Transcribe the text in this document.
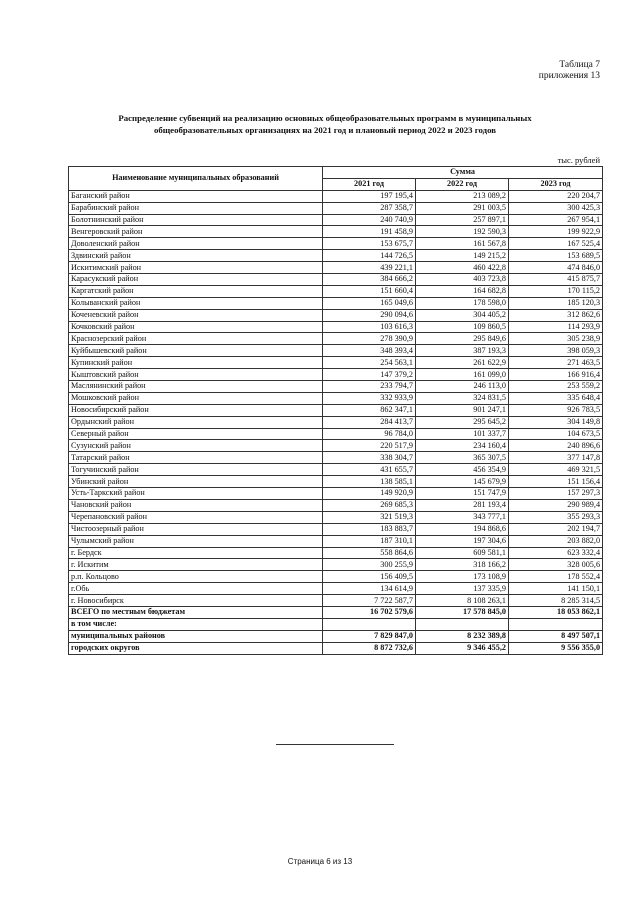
Таблица 7
приложения 13
Распределение субвенций на реализацию основных общеобразовательных программ в муниципальных
общеобразовательных организациях на 2021 год и плановый период 2022 и 2023 годов
тыс. рублей
Наименование муниципальных образований	Сумма		
	2021 год	2022 год	2023 год
Баганский район	197 195,4	213 089,2	220 204,7
Барабинский район	287 358,7	291 003,5	300 425,3
Болотнинский район	240 740,9	257 897,1	267 954,1
Венгеровский район	191 458,9	192 590,3	199 922,9
Доволенский район	153 675,7	161 567,8	167 525,4
Здвинский район	144 726,5	149 215,2	153 689,5
Искитимский район	439 221,1	460 422,8	474 846,0
Карасукский район	384 666,2	403 723,8	415 875,7
Каргатский район	151 660,4	164 682,8	170 115,2
Колыванский район	165 049,6	178 598,0	185 120,3
Коченевский район	290 094,6	304 405,2	312 862,6
Кочковский район	103 616,3	109 860,5	114 293,9
Краснозерский район	278 390,9	295 849,6	305 238,9
Куйбышевский район	348 393,4	387 193,3	398 059,3
Купинский район	254 563,1	261 622,9	271 463,5
Кыштовский район	147 379,2	161 099,0	166 916,4
Маслянинский район	233 794,7	246 113,0	253 559,2
Мошковский район	332 933,9	324 831,5	335 648,4
Новосибирский район	862 347,1	901 247,1	926 783,5
Ордынский район	284 413,7	295 645,2	304 149,8
Северный район	96 784,0	101 337,7	104 673,5
Сузунский район	220 517,9	234 160,4	240 896,6
Татарский район	338 304,7	365 307,5	377 147,8
Тогучинский район	431 655,7	456 354,9	469 321,5
Убинский район	138 585,1	145 679,9	151 156,4
Усть-Таркский район	149 920,9	151 747,9	157 297,3
Чановский район	269 685,3	281 193,4	290 989,4
Черепановский район	321 519,3	343 777,1	355 293,3
Чистоозерный район	183 883,7	194 868,6	202 194,7
Чулымский район	187 310,1	197 304,6	203 882,0
г. Бердск	558 864,6	609 581,1	623 332,4
г. Искитим	300 255,9	318 166,2	328 005,6
р.п. Кольцово	156 409,5	173 108,9	178 552,4
г.Обь	134 614,9	137 335,9	141 150,1
г. Новосибирск	7 722 587,7	8 108 263,1	8 285 314,5
ВСЕГО по местным бюджетам	16 702 579,6	17 578 845,0	18 053 862,1
в том числе:			
муниципальных районов	7 829 847,0	8 232 389,8	8 497 507,1
городских округов	8 872 732,6	9 346 455,2	9 556 355,0
Страница 6 из 13
